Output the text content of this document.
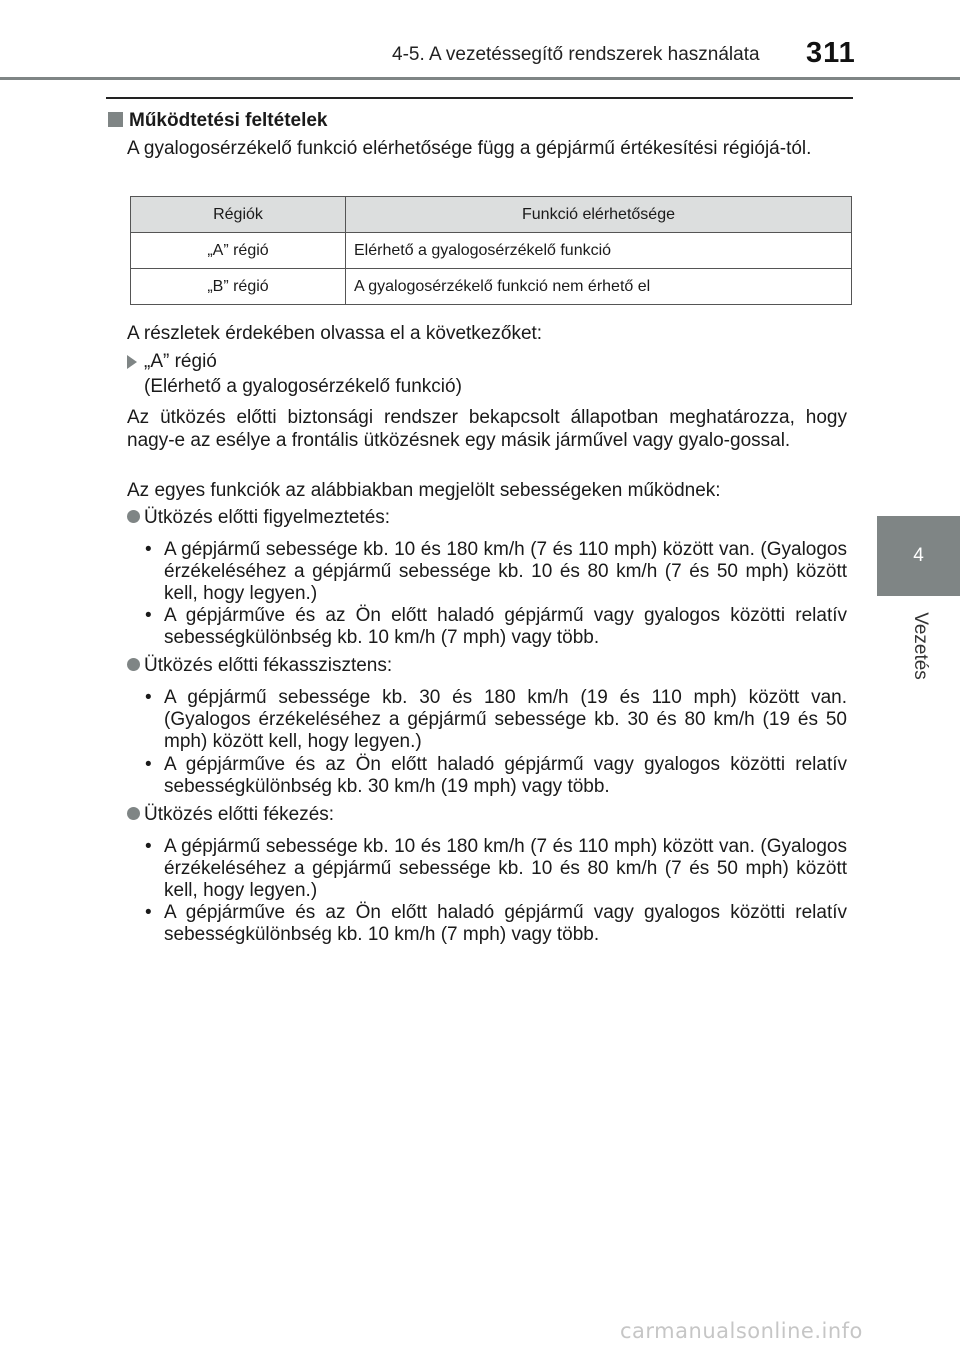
4-5. A vezetéssegítő rendszerek használata	311
4
Vezetés
Működtetési feltételek
A gyalogosérzékelő funkció elérhetősége függ a gépjármű értékesítési régiójá-tól.
Régiók	Funkció elérhetősége
„A” régió	Elérhető a gyalogosérzékelő funkció
„B” régió	A gyalogosérzékelő funkció nem érhető el
A részletek érdekében olvassa el a következőket:
„A” régió
(Elérhető a gyalogosérzékelő funkció)
Az ütközés előtti biztonsági rendszer bekapcsolt állapotban meghatározza, hogy nagy-e az esélye a frontális ütközésnek egy másik járművel vagy gyalo-gossal.
Az egyes funkciók az alábbiakban megjelölt sebességeken működnek:
Ütközés előtti figyelmeztetés:
• A gépjármű sebessége kb. 10 és 180 km/h (7 és 110 mph) között van. (Gyalogos érzékeléséhez a gépjármű sebessége kb. 10 és 80 km/h (7 és 50 mph) között kell, hogy legyen.)
• A gépjárműve és az Ön előtt haladó gépjármű vagy gyalogos közötti relatív sebességkülönbség kb. 10 km/h (7 mph) vagy több.
Ütközés előtti fékasszisztens:
• A gépjármű sebessége kb. 30 és 180 km/h (19 és 110 mph) között van. (Gyalogos érzékeléséhez a gépjármű sebessége kb. 30 és 80 km/h (19 és 50 mph) között kell, hogy legyen.)
• A gépjárműve és az Ön előtt haladó gépjármű vagy gyalogos közötti relatív sebességkülönbség kb. 30 km/h (19 mph) vagy több.
Ütközés előtti fékezés:
• A gépjármű sebessége kb. 10 és 180 km/h (7 és 110 mph) között van. (Gyalogos érzékeléséhez a gépjármű sebessége kb. 10 és 80 km/h (7 és 50 mph) között kell, hogy legyen.)
• A gépjárműve és az Ön előtt haladó gépjármű vagy gyalogos közötti relatív sebességkülönbség kb. 10 km/h (7 mph) vagy több.
carmanualsonline.info
